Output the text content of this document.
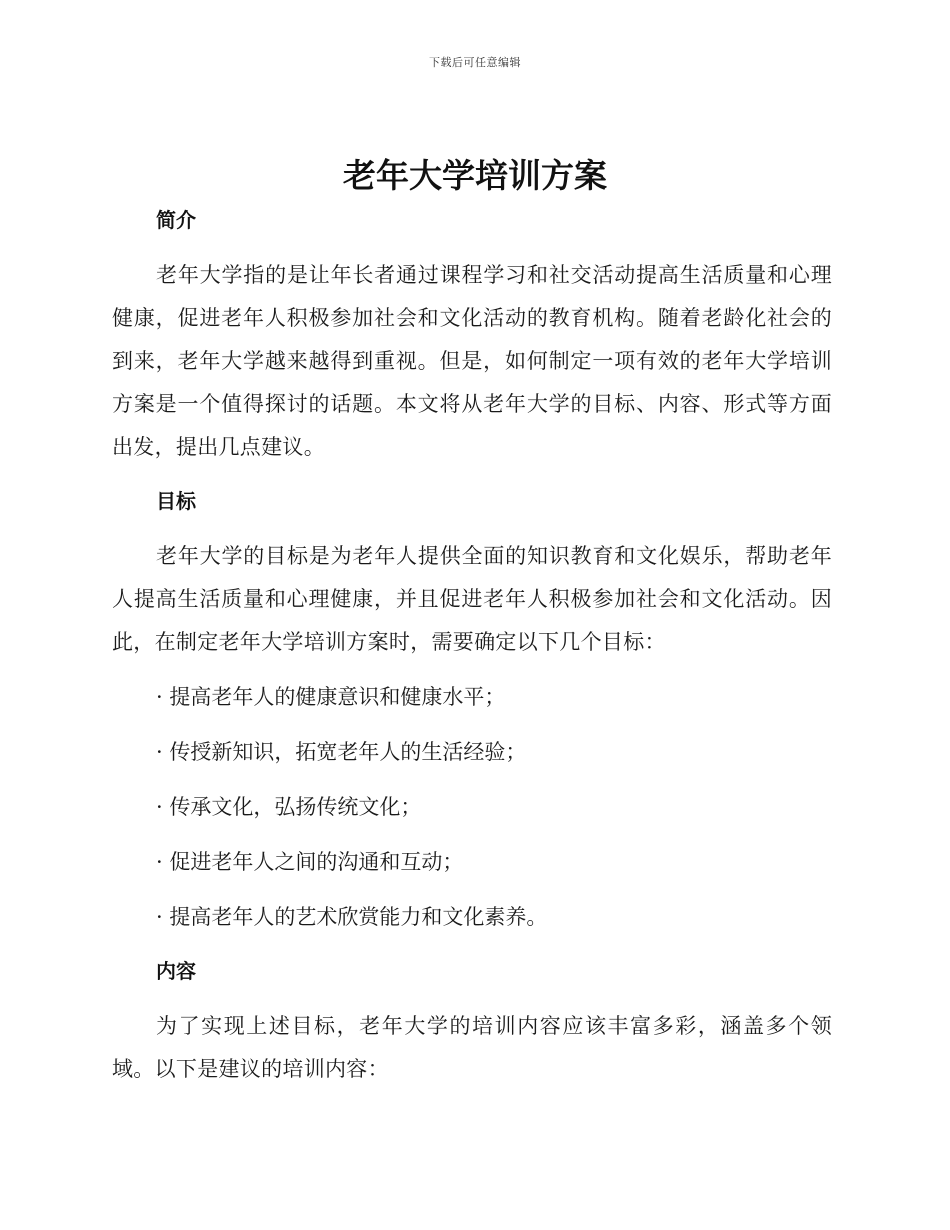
下载后可任意编辑
老年大学培训方案
简介

老年大学指的是让年长者通过课程学习和社交活动提高生活质量和心理健康，促进老年人积极参加社会和文化活动的教育机构。随着老龄化社会的到来，老年大学越来越得到重视。但是，如何制定一项有效的老年大学培训方案是一个值得探讨的话题。本文将从老年大学的目标、内容、形式等方面出发，提出几点建议。

目标

老年大学的目标是为老年人提供全面的知识教育和文化娱乐，帮助老年人提高生活质量和心理健康，并且促进老年人积极参加社会和文化活动。因此，在制定老年大学培训方案时，需要确定以下几个目标：

· 提高老年人的健康意识和健康水平；

· 传授新知识，拓宽老年人的生活经验；

· 传承文化，弘扬传统文化；

· 促进老年人之间的沟通和互动；

· 提高老年人的艺术欣赏能力和文化素养。

内容

为了实现上述目标，老年大学的培训内容应该丰富多彩，涵盖多个领域。以下是建议的培训内容：
